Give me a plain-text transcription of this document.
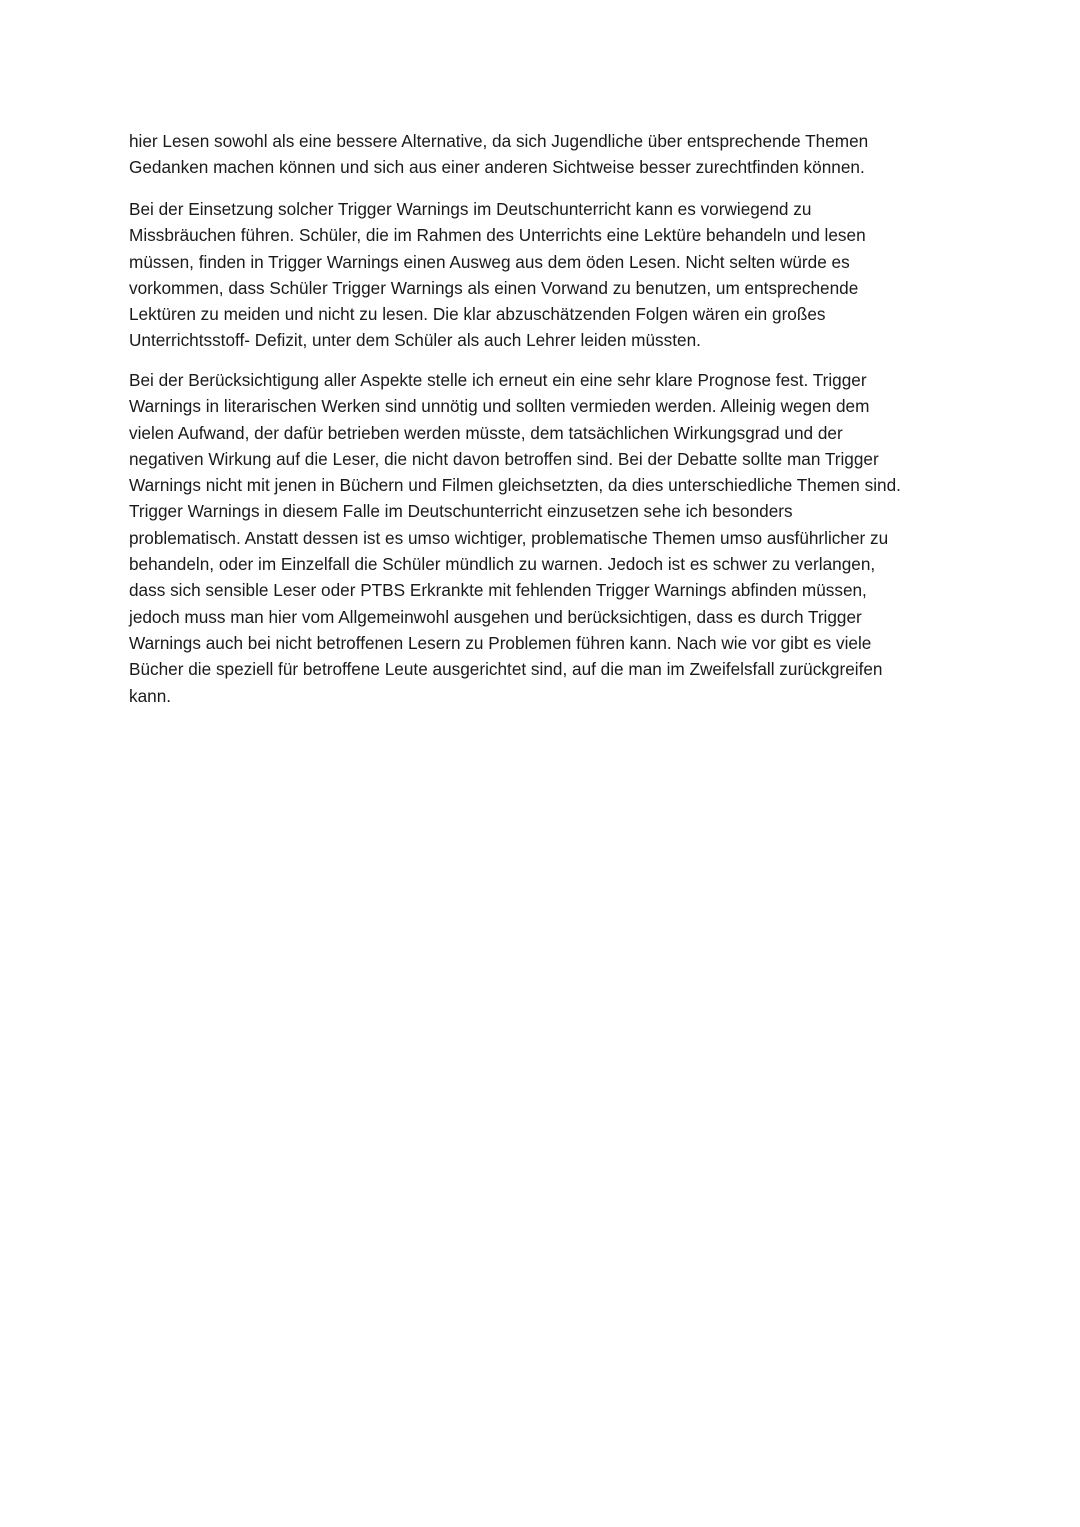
hier Lesen sowohl als eine bessere Alternative, da sich Jugendliche über entsprechende Themen
Gedanken machen können und sich aus einer anderen Sichtweise besser zurechtfinden können.
Bei der Einsetzung solcher Trigger Warnings im Deutschunterricht kann es vorwiegend zu
Missbräuchen führen. Schüler, die im Rahmen des Unterrichts eine Lektüre behandeln und lesen
müssen, finden in Trigger Warnings einen Ausweg aus dem öden Lesen. Nicht selten würde es
vorkommen, dass Schüler Trigger Warnings als einen Vorwand zu benutzen, um entsprechende
Lektüren zu meiden und nicht zu lesen. Die klar abzuschätzenden Folgen wären ein großes
Unterrichtsstoff- Defizit, unter dem Schüler als auch Lehrer leiden müssten.
Bei der Berücksichtigung aller Aspekte stelle ich erneut ein eine sehr klare Prognose fest. Trigger
Warnings in literarischen Werken sind unnötig und sollten vermieden werden. Alleinig wegen dem
vielen Aufwand, der dafür betrieben werden müsste, dem tatsächlichen Wirkungsgrad und der
negativen Wirkung auf die Leser, die nicht davon betroffen sind. Bei der Debatte sollte man Trigger
Warnings nicht mit jenen in Büchern und Filmen gleichsetzten, da dies unterschiedliche Themen sind.
Trigger Warnings in diesem Falle im Deutschunterricht einzusetzen sehe ich besonders
problematisch. Anstatt dessen ist es umso wichtiger, problematische Themen umso ausführlicher zu
behandeln, oder im Einzelfall die Schüler mündlich zu warnen. Jedoch ist es schwer zu verlangen,
dass sich sensible Leser oder PTBS Erkrankte mit fehlenden Trigger Warnings abfinden müssen,
jedoch muss man hier vom Allgemeinwohl ausgehen und berücksichtigen, dass es durch Trigger
Warnings auch bei nicht betroffenen Lesern zu Problemen führen kann. Nach wie vor gibt es viele
Bücher die speziell für betroffene Leute ausgerichtet sind, auf die man im Zweifelsfall zurückgreifen
kann.
